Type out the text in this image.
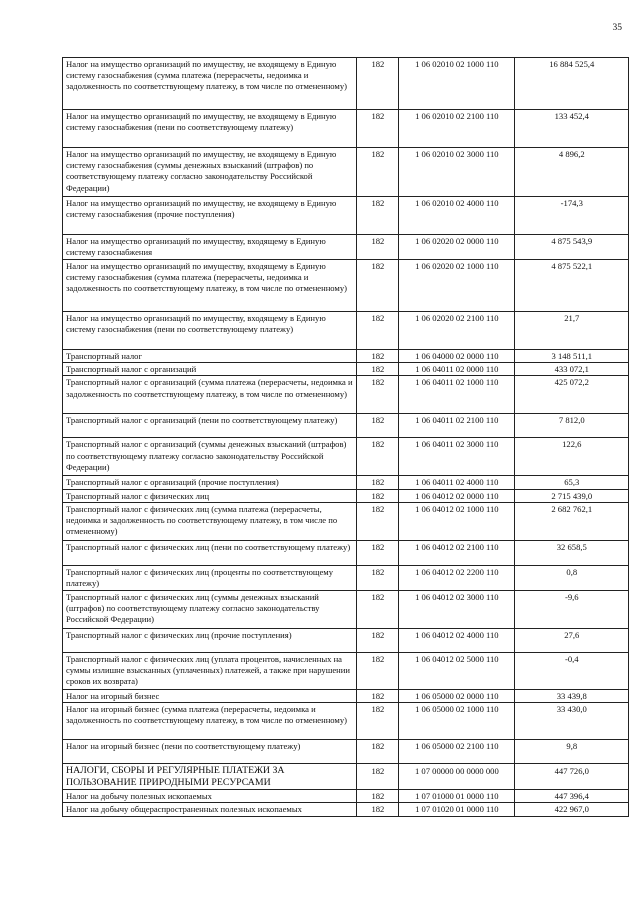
35
Налог на имущество организаций по имуществу, не входящему в Единую систему газоснабжения (сумма платежа (перерасчеты, недоимка и задолженность по соответствующему платежу, в том числе по отмененному)	182	1 06 02010 02 1000 110	16 884 525,4
Налог на имущество организаций по имуществу, не входящему в Единую систему газоснабжения (пени по соответствующему платежу)	182	1 06 02010 02 2100 110	133 452,4
Налог на имущество организаций по имуществу, не входящему в Единую систему газоснабжения (суммы денежных взысканий (штрафов) по соответствующему платежу согласно законодательству Российской Федерации)	182	1 06 02010 02 3000 110	4 896,2
Налог на имущество организаций по имуществу, не входящему в Единую систему газоснабжения (прочие поступления)	182	1 06 02010 02 4000 110	-174,3
Налог на имущество организаций по имуществу, входящему в Единую систему газоснабжения	182	1 06 02020 02 0000 110	4 875 543,9
Налог на имущество организаций по имуществу, входящему в Единую систему газоснабжения (сумма платежа (перерасчеты, недоимка и задолженность по соответствующему платежу, в том числе по отмененному)	182	1 06 02020 02 1000 110	4 875 522,1
Налог на имущество организаций по имуществу, входящему в Единую систему газоснабжения (пени по соответствующему платежу)	182	1 06 02020 02 2100 110	21,7
Транспортный налог	182	1 06 04000 02 0000 110	3 148 511,1
Транспортный налог с организаций	182	1 06 04011 02 0000 110	433 072,1
Транспортный налог с организаций (сумма платежа (перерасчеты, недоимка и задолженность по соответствующему платежу, в том числе по отмененному)	182	1 06 04011 02 1000 110	425 072,2
Транспортный налог с организаций (пени по соответствующему платежу)	182	1 06 04011 02 2100 110	7 812,0
Транспортный налог с организаций (суммы денежных взысканий (штрафов) по соответствующему платежу согласно законодательству Российской Федерации)	182	1 06 04011 02 3000 110	122,6
Транспортный налог с организаций (прочие поступления)	182	1 06 04011 02 4000 110	65,3
Транспортный налог с физических лиц	182	1 06 04012 02 0000 110	2 715 439,0
Транспортный налог с физических лиц (сумма платежа (перерасчеты, недоимка и задолженность по соответствующему платежу, в том числе по отмененному)	182	1 06 04012 02 1000 110	2 682 762,1
Транспортный налог с физических лиц (пени по соответствующему платежу)	182	1 06 04012 02 2100 110	32 658,5
Транспортный налог с физических лиц (проценты по соответствующему платежу)	182	1 06 04012 02 2200 110	0,8
Транспортный налог с физических лиц (суммы денежных взысканий (штрафов) по соответствующему платежу согласно законодательству Российской Федерации)	182	1 06 04012 02 3000 110	-9,6
Транспортный налог с физических лиц (прочие поступления)	182	1 06 04012 02 4000 110	27,6
Транспортный налог с физических лиц (уплата процентов, начисленных на суммы излишне взысканных (уплаченных) платежей, а также при нарушении сроков их возврата)	182	1 06 04012 02 5000 110	-0,4
Налог на игорный бизнес	182	1 06 05000 02 0000 110	33 439,8
Налог на игорный бизнес (сумма платежа (перерасчеты, недоимка и задолженность по соответствующему платежу, в том числе по отмененному)	182	1 06 05000 02 1000 110	33 430,0
Налог на игорный бизнес (пени по соответствующему платежу)	182	1 06 05000 02 2100 110	9,8
НАЛОГИ, СБОРЫ И РЕГУЛЯРНЫЕ ПЛАТЕЖИ ЗА ПОЛЬЗОВАНИЕ ПРИРОДНЫМИ РЕСУРСАМИ	182	1 07 00000 00 0000 000	447 726,0
Налог на добычу полезных ископаемых	182	1 07 01000 01 0000 110	447 396,4
Налог на добычу общераспространенных полезных ископаемых	182	1 07 01020 01 0000 110	422 967,0
